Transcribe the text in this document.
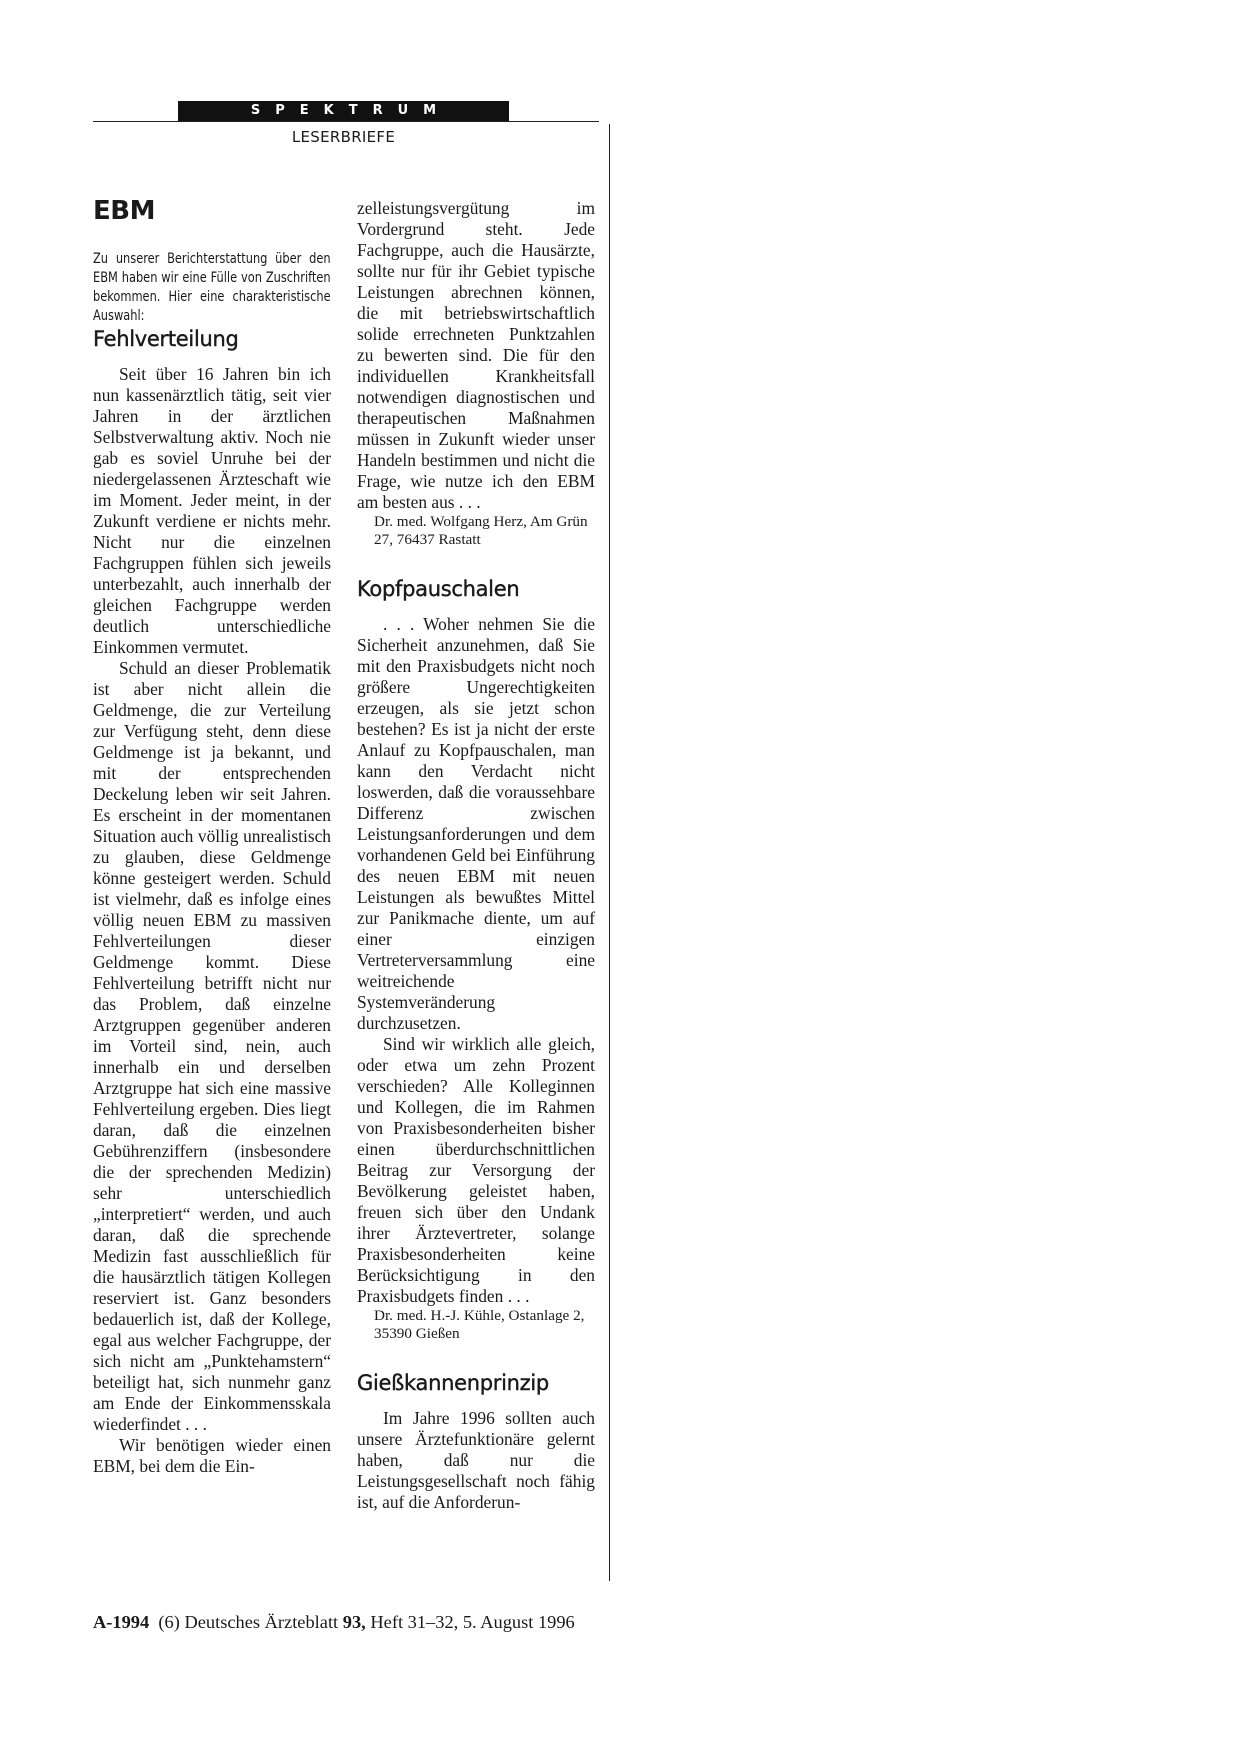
SPEKTRUM
LESERBRIEFE
EBM

Zu unserer Berichterstattung über den EBM haben wir eine Fülle von Zuschriften bekommen. Hier eine charakteristische Auswahl:

Fehlverteilung

Seit über 16 Jahren bin ich nun kassenärztlich tätig, seit vier Jahren in der ärztlichen Selbstverwaltung aktiv. Noch nie gab es soviel Unruhe bei der niedergelassenen Ärzteschaft wie im Moment. Jeder meint, in der Zukunft verdiene er nichts mehr. Nicht nur die einzelnen Fachgruppen fühlen sich jeweils unterbezahlt, auch innerhalb der gleichen Fachgruppe werden deutlich unterschiedliche Einkommen vermutet.

Schuld an dieser Problematik ist aber nicht allein die Geldmenge, die zur Verteilung zur Verfügung steht, denn diese Geldmenge ist ja bekannt, und mit der entsprechenden Deckelung leben wir seit Jahren. Es erscheint in der momentanen Situation auch völlig unrealistisch zu glauben, diese Geldmenge könne gesteigert werden. Schuld ist vielmehr, daß es infolge eines völlig neuen EBM zu massiven Fehlverteilungen dieser Geldmenge kommt. Diese Fehlverteilung betrifft nicht nur das Problem, daß einzelne Arztgruppen gegenüber anderen im Vorteil sind, nein, auch innerhalb ein und derselben Arztgruppe hat sich eine massive Fehlverteilung ergeben. Dies liegt daran, daß die einzelnen Gebührenziffern (insbesondere die der sprechenden Medizin) sehr unterschiedlich „interpretiert“ werden, und auch daran, daß die sprechende Medizin fast ausschließlich für die hausärztlich tätigen Kollegen reserviert ist. Ganz besonders bedauerlich ist, daß der Kollege, egal aus welcher Fachgruppe, der sich nicht am „Punktehamstern“ beteiligt hat, sich nunmehr ganz am Ende der Einkommensskala wiederfindet . . .

Wir benötigen wieder einen EBM, bei dem die Ein-

zelleistungsvergütung im Vordergrund steht. Jede Fachgruppe, auch die Hausärzte, sollte nur für ihr Gebiet typische Leistungen abrechnen können, die mit betriebswirtschaftlich solide errechneten Punktzahlen zu bewerten sind. Die für den individuellen Krankheitsfall notwendigen diagnostischen und therapeutischen Maßnahmen müssen in Zukunft wieder unser Handeln bestimmen und nicht die Frage, wie nutze ich den EBM am besten aus . . .

Dr. med. Wolfgang Herz, Am Grün 27, 76437 Rastatt

Kopfpauschalen

. . . Woher nehmen Sie die Sicherheit anzunehmen, daß Sie mit den Praxisbudgets nicht noch größere Ungerechtigkeiten erzeugen, als sie jetzt schon bestehen? Es ist ja nicht der erste Anlauf zu Kopfpauschalen, man kann den Verdacht nicht loswerden, daß die voraussehbare Differenz zwischen Leistungsanforderungen und dem vorhandenen Geld bei Einführung des neuen EBM mit neuen Leistungen als bewußtes Mittel zur Panikmache diente, um auf einer einzigen Vertreterversammlung eine weitreichende Systemveränderung durchzusetzen.

Sind wir wirklich alle gleich, oder etwa um zehn Prozent verschieden? Alle Kolleginnen und Kollegen, die im Rahmen von Praxisbesonderheiten bisher einen überdurchschnittlichen Beitrag zur Versorgung der Bevölkerung geleistet haben, freuen sich über den Undank ihrer Ärztevertreter, solange Praxisbesonderheiten keine Berücksichtigung in den Praxisbudgets finden . . .

Dr. med. H.-J. Kühle, Ostanlage 2, 35390 Gießen

Gießkannenprinzip

Im Jahre 1996 sollten auch unsere Ärztefunktionäre gelernt haben, daß nur die Leistungsgesellschaft noch fähig ist, auf die Anforderun-

A-1994 (6) Deutsches Ärzteblatt 93, Heft 31–32, 5. August 1996
